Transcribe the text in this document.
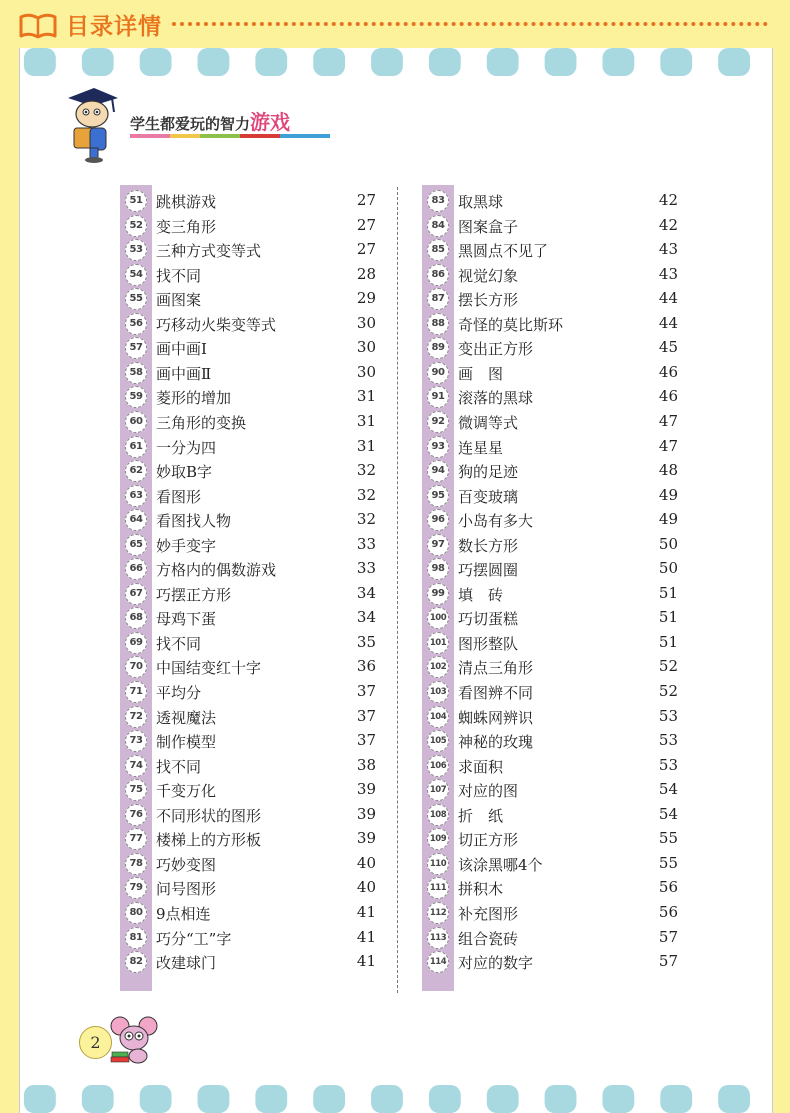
目录详情
学生都爱玩的智力游戏
51 跳棋游戏	27
52 变三角形	27
53 三种方式变等式	27
54 找不同	28
55 画图案	29
56 巧移动火柴变等式	30
57 画中画Ⅰ	30
58 画中画Ⅱ	30
59 菱形的增加	31
60 三角形的变换	31
61 一分为四	31
62 妙取B字	32
63 看图形	32
64 看图找人物	32
65 妙手变字	33
66 方格内的偶数游戏	33
67 巧摆正方形	34
68 母鸡下蛋	34
69 找不同	35
70 中国结变红十字	36
71 平均分	37
72 透视魔法	37
73 制作模型	37
74 找不同	38
75 千变万化	39
76 不同形状的图形	39
77 楼梯上的方形板	39
78 巧妙变图	40
79 问号图形	40
80 9点相连	41
81 巧分“工”字	41
82 改建球门	41
83 取黑球	42
84 图案盒子	42
85 黑圆点不见了	43
86 视觉幻象	43
87 摆长方形	44
88 奇怪的莫比斯环	44
89 变出正方形	45
90 画　图	46
91 滚落的黑球	46
92 微调等式	47
93 连星星	47
94 狗的足迹	48
95 百变玻璃	49
96 小岛有多大	49
97 数长方形	50
98 巧摆圆圈	50
99 填　砖	51
100 巧切蛋糕	51
101 图形整队	51
102 清点三角形	52
103 看图辨不同	52
104 蜘蛛网辨识	53
105 神秘的玫瑰	53
106 求面积	53
107 对应的图	54
108 折　纸	54
109 切正方形	55
110 该涂黑哪4个	55
111 拼积木	56
112 补充图形	56
113 组合瓷砖	57
114 对应的数字	57
2
